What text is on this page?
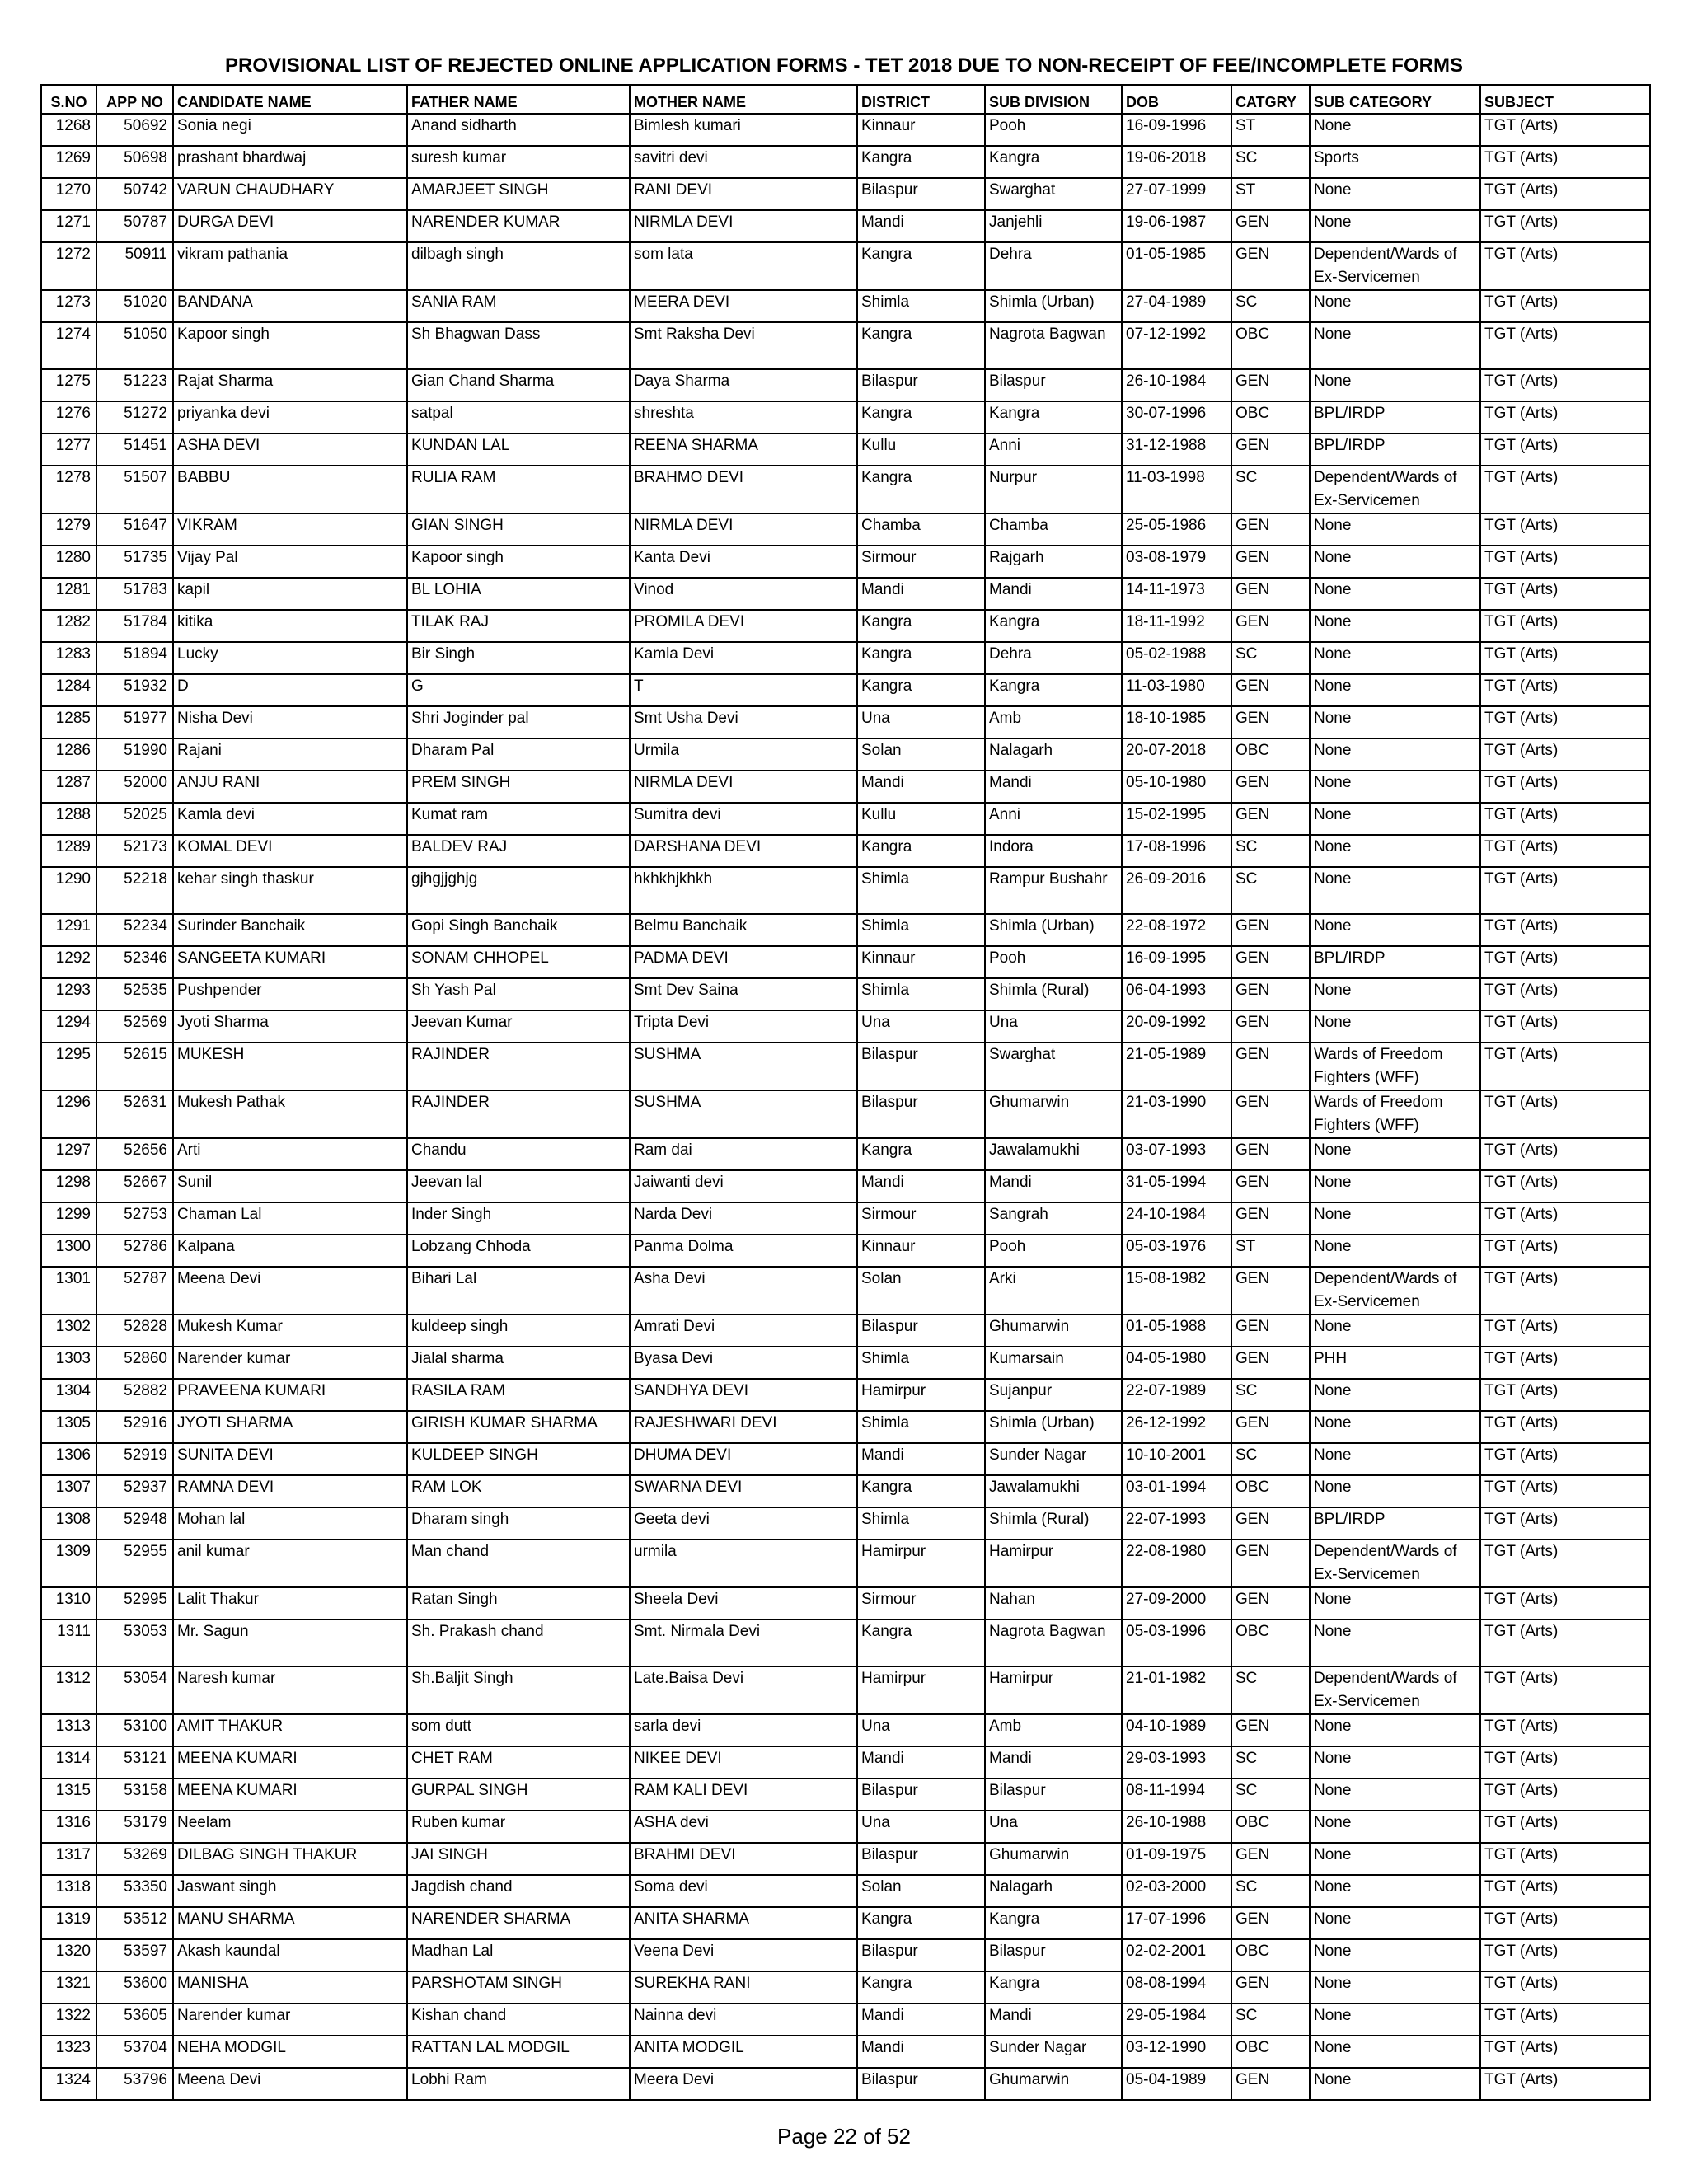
PROVISIONAL LIST OF REJECTED ONLINE APPLICATION FORMS - TET 2018 DUE TO NON-RECEIPT OF FEE/INCOMPLETE FORMS
S.NO	APP NO	CANDIDATE NAME	FATHER NAME	MOTHER NAME	DISTRICT	SUB DIVISION	DOB	CATGRY	SUB CATEGORY	SUBJECT
1268	50692	Sonia negi	Anand sidharth	Bimlesh kumari	Kinnaur	Pooh	16-09-1996	ST	None	TGT (Arts)
1269	50698	prashant bhardwaj	suresh kumar	savitri devi	Kangra	Kangra	19-06-2018	SC	Sports	TGT (Arts)
1270	50742	VARUN CHAUDHARY	AMARJEET SINGH	RANI DEVI	Bilaspur	Swarghat	27-07-1999	ST	None	TGT (Arts)
1271	50787	DURGA DEVI	NARENDER KUMAR	NIRMLA DEVI	Mandi	Janjehli	19-06-1987	GEN	None	TGT (Arts)
1272	50911	vikram pathania	dilbagh singh	som lata	Kangra	Dehra	01-05-1985	GEN	Dependent/Wards of Ex-Servicemen	TGT (Arts)
1273	51020	BANDANA	SANIA RAM	MEERA DEVI	Shimla	Shimla (Urban)	27-04-1989	SC	None	TGT (Arts)
1274	51050	Kapoor singh	Sh Bhagwan Dass	Smt Raksha Devi	Kangra	Nagrota Bagwan	07-12-1992	OBC	None	TGT (Arts)
1275	51223	Rajat Sharma	Gian Chand Sharma	Daya Sharma	Bilaspur	Bilaspur	26-10-1984	GEN	None	TGT (Arts)
1276	51272	priyanka devi	satpal	shreshta	Kangra	Kangra	30-07-1996	OBC	BPL/IRDP	TGT (Arts)
1277	51451	ASHA DEVI	KUNDAN LAL	REENA SHARMA	Kullu	Anni	31-12-1988	GEN	BPL/IRDP	TGT (Arts)
1278	51507	BABBU	RULIA RAM	BRAHMO DEVI	Kangra	Nurpur	11-03-1998	SC	Dependent/Wards of Ex-Servicemen	TGT (Arts)
1279	51647	VIKRAM	GIAN SINGH	NIRMLA DEVI	Chamba	Chamba	25-05-1986	GEN	None	TGT (Arts)
1280	51735	Vijay Pal	Kapoor singh	Kanta Devi	Sirmour	Rajgarh	03-08-1979	GEN	None	TGT (Arts)
1281	51783	kapil	BL LOHIA	Vinod	Mandi	Mandi	14-11-1973	GEN	None	TGT (Arts)
1282	51784	kitika	TILAK RAJ	PROMILA DEVI	Kangra	Kangra	18-11-1992	GEN	None	TGT (Arts)
1283	51894	Lucky	Bir Singh	Kamla Devi	Kangra	Dehra	05-02-1988	SC	None	TGT (Arts)
1284	51932	D	G	T	Kangra	Kangra	11-03-1980	GEN	None	TGT (Arts)
1285	51977	Nisha Devi	Shri Joginder pal	Smt Usha Devi	Una	Amb	18-10-1985	GEN	None	TGT (Arts)
1286	51990	Rajani	Dharam Pal	Urmila	Solan	Nalagarh	20-07-2018	OBC	None	TGT (Arts)
1287	52000	ANJU RANI	PREM SINGH	NIRMLA DEVI	Mandi	Mandi	05-10-1980	GEN	None	TGT (Arts)
1288	52025	Kamla devi	Kumat ram	Sumitra devi	Kullu	Anni	15-02-1995	GEN	None	TGT (Arts)
1289	52173	KOMAL DEVI	BALDEV RAJ	DARSHANA DEVI	Kangra	Indora	17-08-1996	SC	None	TGT (Arts)
1290	52218	kehar singh thaskur	gjhgjjghjg	hkhkhjkhkh	Shimla	Rampur Bushahr	26-09-2016	SC	None	TGT (Arts)
1291	52234	Surinder Banchaik	Gopi Singh Banchaik	Belmu Banchaik	Shimla	Shimla (Urban)	22-08-1972	GEN	None	TGT (Arts)
1292	52346	SANGEETA KUMARI	SONAM CHHOPEL	PADMA DEVI	Kinnaur	Pooh	16-09-1995	GEN	BPL/IRDP	TGT (Arts)
1293	52535	Pushpender	Sh Yash Pal	Smt Dev Saina	Shimla	Shimla (Rural)	06-04-1993	GEN	None	TGT (Arts)
1294	52569	Jyoti Sharma	Jeevan Kumar	Tripta Devi	Una	Una	20-09-1992	GEN	None	TGT (Arts)
1295	52615	MUKESH	RAJINDER	SUSHMA	Bilaspur	Swarghat	21-05-1989	GEN	Wards of Freedom Fighters (WFF)	TGT (Arts)
1296	52631	Mukesh Pathak	RAJINDER	SUSHMA	Bilaspur	Ghumarwin	21-03-1990	GEN	Wards of Freedom Fighters (WFF)	TGT (Arts)
1297	52656	Arti	Chandu	Ram dai	Kangra	Jawalamukhi	03-07-1993	GEN	None	TGT (Arts)
1298	52667	Sunil	Jeevan lal	Jaiwanti devi	Mandi	Mandi	31-05-1994	GEN	None	TGT (Arts)
1299	52753	Chaman Lal	Inder Singh	Narda Devi	Sirmour	Sangrah	24-10-1984	GEN	None	TGT (Arts)
1300	52786	Kalpana	Lobzang Chhoda	Panma Dolma	Kinnaur	Pooh	05-03-1976	ST	None	TGT (Arts)
1301	52787	Meena Devi	Bihari Lal	Asha Devi	Solan	Arki	15-08-1982	GEN	Dependent/Wards of Ex-Servicemen	TGT (Arts)
1302	52828	Mukesh Kumar	kuldeep singh	Amrati Devi	Bilaspur	Ghumarwin	01-05-1988	GEN	None	TGT (Arts)
1303	52860	Narender kumar	Jialal sharma	Byasa Devi	Shimla	Kumarsain	04-05-1980	GEN	PHH	TGT (Arts)
1304	52882	PRAVEENA KUMARI	RASILA RAM	SANDHYA DEVI	Hamirpur	Sujanpur	22-07-1989	SC	None	TGT (Arts)
1305	52916	JYOTI SHARMA	GIRISH KUMAR SHARMA	RAJESHWARI DEVI	Shimla	Shimla (Urban)	26-12-1992	GEN	None	TGT (Arts)
1306	52919	SUNITA DEVI	KULDEEP SINGH	DHUMA DEVI	Mandi	Sunder Nagar	10-10-2001	SC	None	TGT (Arts)
1307	52937	RAMNA DEVI	RAM LOK	SWARNA DEVI	Kangra	Jawalamukhi	03-01-1994	OBC	None	TGT (Arts)
1308	52948	Mohan lal	Dharam singh	Geeta devi	Shimla	Shimla (Rural)	22-07-1993	GEN	BPL/IRDP	TGT (Arts)
1309	52955	anil kumar	Man chand	urmila	Hamirpur	Hamirpur	22-08-1980	GEN	Dependent/Wards of Ex-Servicemen	TGT (Arts)
1310	52995	Lalit Thakur	Ratan Singh	Sheela Devi	Sirmour	Nahan	27-09-2000	GEN	None	TGT (Arts)
1311	53053	Mr. Sagun	Sh. Prakash chand	Smt. Nirmala Devi	Kangra	Nagrota Bagwan	05-03-1996	OBC	None	TGT (Arts)
1312	53054	Naresh kumar	Sh.Baljit Singh	Late.Baisa Devi	Hamirpur	Hamirpur	21-01-1982	SC	Dependent/Wards of Ex-Servicemen	TGT (Arts)
1313	53100	AMIT THAKUR	som dutt	sarla devi	Una	Amb	04-10-1989	GEN	None	TGT (Arts)
1314	53121	MEENA KUMARI	CHET RAM	NIKEE DEVI	Mandi	Mandi	29-03-1993	SC	None	TGT (Arts)
1315	53158	MEENA KUMARI	GURPAL SINGH	RAM KALI DEVI	Bilaspur	Bilaspur	08-11-1994	SC	None	TGT (Arts)
1316	53179	Neelam	Ruben kumar	ASHA devi	Una	Una	26-10-1988	OBC	None	TGT (Arts)
1317	53269	DILBAG SINGH THAKUR	JAI SINGH	BRAHMI DEVI	Bilaspur	Ghumarwin	01-09-1975	GEN	None	TGT (Arts)
1318	53350	Jaswant singh	Jagdish chand	Soma devi	Solan	Nalagarh	02-03-2000	SC	None	TGT (Arts)
1319	53512	MANU SHARMA	NARENDER SHARMA	ANITA SHARMA	Kangra	Kangra	17-07-1996	GEN	None	TGT (Arts)
1320	53597	Akash kaundal	Madhan Lal	Veena Devi	Bilaspur	Bilaspur	02-02-2001	OBC	None	TGT (Arts)
1321	53600	MANISHA	PARSHOTAM SINGH	SUREKHA RANI	Kangra	Kangra	08-08-1994	GEN	None	TGT (Arts)
1322	53605	Narender kumar	Kishan chand	Nainna devi	Mandi	Mandi	29-05-1984	SC	None	TGT (Arts)
1323	53704	NEHA MODGIL	RATTAN LAL MODGIL	ANITA MODGIL	Mandi	Sunder Nagar	03-12-1990	OBC	None	TGT (Arts)
1324	53796	Meena Devi	Lobhi Ram	Meera Devi	Bilaspur	Ghumarwin	05-04-1989	GEN	None	TGT (Arts)
Page 22 of 52
